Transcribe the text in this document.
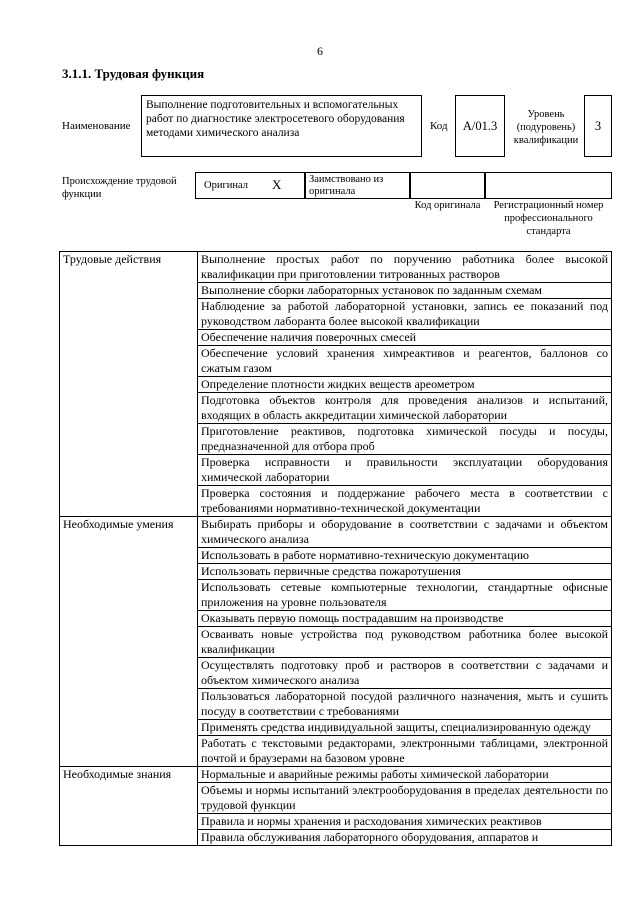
6
3.1.1. Трудовая функция
Наименование
Выполнение подготовительных и вспомогательных работ по диагностике электросетевого оборудования методами химического анализа
Код	A/01.3
Уровень (подуровень) квалификации
3
Происхождение трудовой функции
Оригинал X	Заимствовано из оригинала
Код оригинала	Регистрационный номер профессионального стандарта
Трудовые действия	Выполнение простых работ по поручению работника более высокой квалификации при приготовлении титрованных растворов
	Выполнение сборки лабораторных установок по заданным схемам
	Наблюдение за работой лабораторной установки, запись ее показаний под руководством лаборанта более высокой квалификации
	Обеспечение наличия поверочных смесей
	Обеспечение условий хранения химреактивов и реагентов, баллонов со сжатым газом
	Определение плотности жидких веществ ареометром
	Подготовка объектов контроля для проведения анализов и испытаний, входящих в область аккредитации химической лаборатории
	Приготовление реактивов, подготовка химической посуды и посуды, предназначенной для отбора проб
	Проверка исправности и правильности эксплуатации оборудования химической лаборатории
	Проверка состояния и поддержание рабочего места в соответствии с требованиями нормативно-технической документации
Необходимые умения	Выбирать приборы и оборудование в соответствии с задачами и объектом химического анализа
	Использовать в работе нормативно-техническую документацию
	Использовать первичные средства пожаротушения
	Использовать сетевые компьютерные технологии, стандартные офисные приложения на уровне пользователя
	Оказывать первую помощь пострадавшим на производстве
	Осваивать новые устройства под руководством работника более высокой квалификации
	Осуществлять подготовку проб и растворов в соответствии с задачами и объектом химического анализа
	Пользоваться лабораторной посудой различного назначения, мыть и сушить посуду в соответствии с требованиями
	Применять средства индивидуальной защиты, специализированную одежду
	Работать с текстовыми редакторами, электронными таблицами, электронной почтой и браузерами на базовом уровне
Необходимые знания	Нормальные и аварийные режимы работы химической лаборатории
	Объемы и нормы испытаний электрооборудования в пределах деятельности по трудовой функции
	Правила и нормы хранения и расходования химических реактивов
	Правила обслуживания лабораторного оборудования, аппаратов и
